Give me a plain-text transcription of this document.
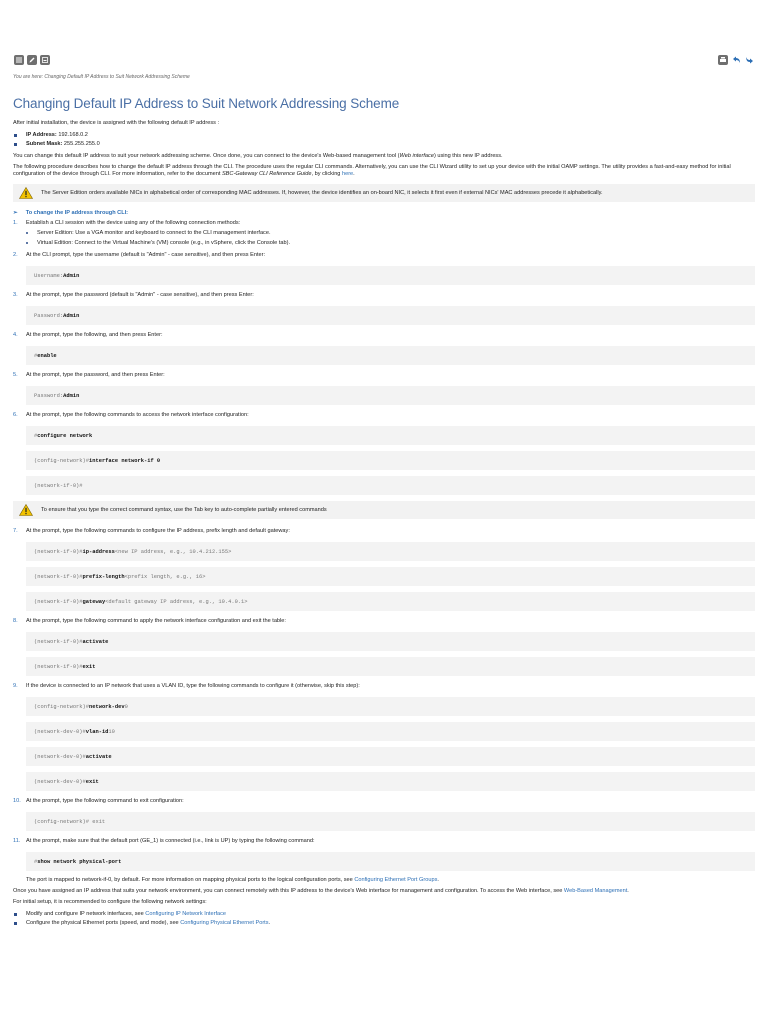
You are here: Changing Default IP Address to Suit Network Addressing Scheme
Changing Default IP Address to Suit Network Addressing Scheme

After initial installation, the device is assigned with the following default IP address :

IP Address: 192.168.0.2
Subnet Mask: 255.255.255.0

You can change this default IP address to suit your network addressing scheme. Once done, you can connect to the device's Web-based management tool (Web interface) using this new IP address.

The following procedure describes how to change the default IP address through the CLI. The procedure uses the regular CLI commands. Alternatively, you can use the CLI Wizard utility to set up your device with the initial OAMP settings. The utility provides a fast-and-easy method for initial configuration of the device through CLI. For more information, refer to the document SBC-Gateway CLI Reference Guide, by clicking here.

The Server Edition orders available NICs in alphabetical order of corresponding MAC addresses. If, however, the device identifies an on-board NIC, it selects it first even if external NICs' MAC addresses precede it alphabetically.
➢ To change the IP address through CLI:
1.	Establish a CLI session with the device using any of the following connection methods:
Server Edition: Use a VGA monitor and keyboard to connect to the CLI management interface.
Virtual Edition: Connect to the Virtual Machine's (VM) console (e.g., in vSphere, click the Console tab).
2.	At the CLI prompt, type the username (default is "Admin" - case sensitive), and then press Enter:
Username: Admin
3.	At the prompt, type the password (default is "Admin" - case sensitive), and then press Enter:
Password: Admin
4.	At the prompt, type the following, and then press Enter:
# enable
5.	At the prompt, type the password, and then press Enter:
Password: Admin
6.	At the prompt, type the following commands to access the network interface configuration:
# configure network
(config-network)# interface network-if 0
(network-if-0)#
To ensure that you type the correct command syntax, use the Tab key to auto-complete partially entered commands
7.	At the prompt, type the following commands to configure the IP address, prefix length and default gateway:
(network-if-0)# ip-address <new IP address, e.g., 10.4.212.155>
(network-if-0)# prefix-length <prefix length, e.g., 16>
(network-if-0)# gateway <default gateway IP address, e.g., 10.4.0.1>
8.	At the prompt, type the following command to apply the network interface configuration and exit the table:
(network-if-0)# activate
(network-if-0)# exit
9.	If the device is connected to an IP network that uses a VLAN ID, type the following commands to configure it (otherwise, skip this step):
(config-network)# network-dev 0
(network-dev-0)# vlan-id 10
(network-dev-0)# activate
(network-dev-0)# exit
10. At the prompt, type the following command to exit configuration:
(config-network)# exit
11.	At the prompt, make sure that the default port (GE_1) is connected (i.e., link is UP) by typing the following command:
# show network physical-port

The port is mapped to network-if-0, by default. For more information on mapping physical ports to the logical configuration ports, see Configuring Ethernet Port Groups.

Once you have assigned an IP address that suits your network environment, you can connect remotely with this IP address to the device's Web interface for management and configuration. To access the Web interface, see Web-Based Management.

For initial setup, it is recommended to configure the following network settings:

Modify and configure IP network interfaces, see Configuring IP Network Interface
Configure the physical Ethernet ports (speed, and mode), see Configuring Physical Ethernet Ports.
